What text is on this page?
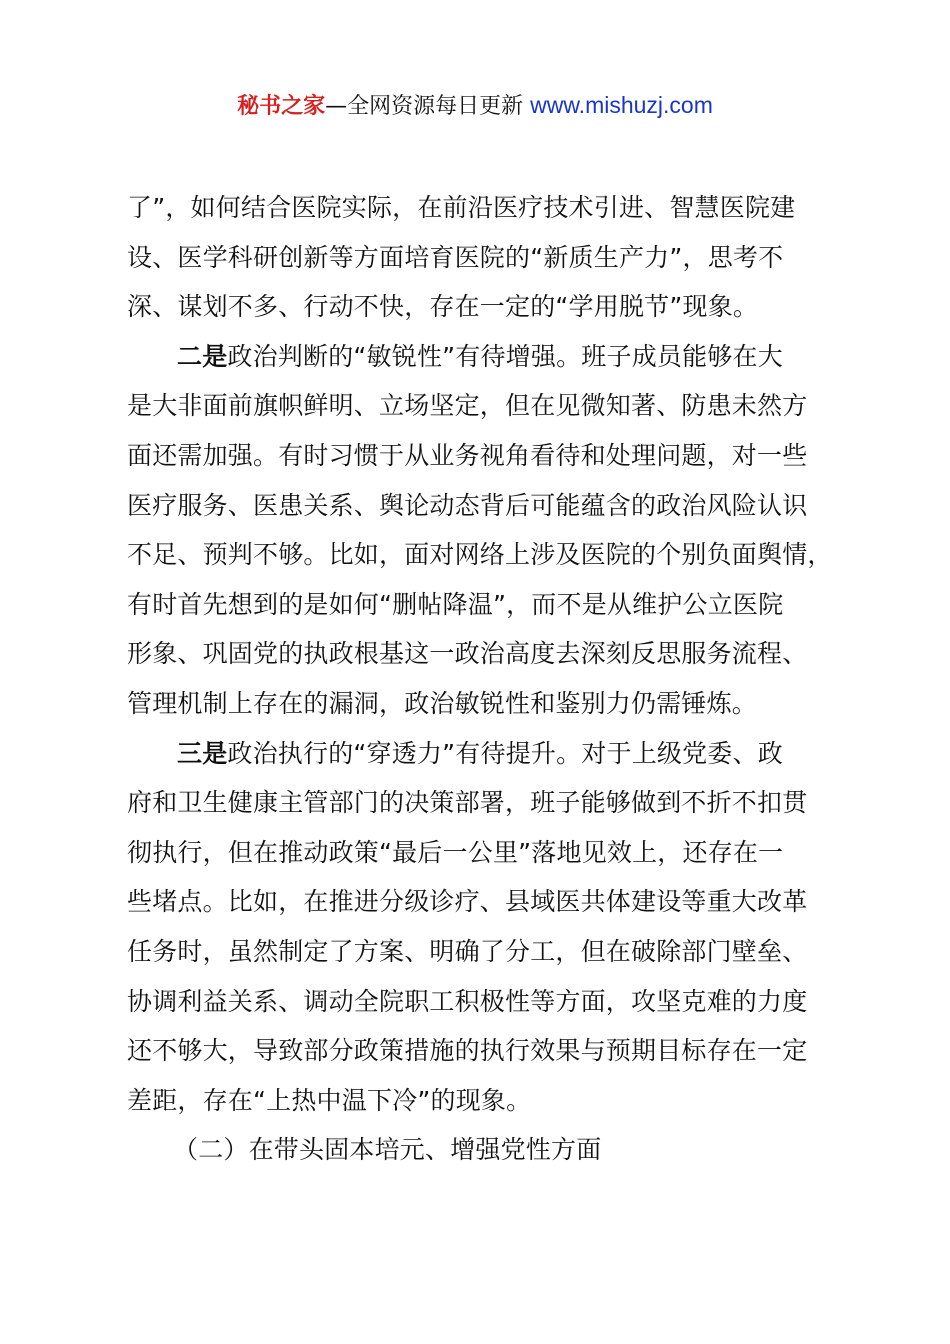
秘书之家—全网资源每日更新 www.mishuzj.com

了”，如何结合医院实际，在前沿医疗技术引进、智慧医院建
设、医学科研创新等方面培育医院的“新质生产力”，思考不
深、谋划不多、行动不快，存在一定的“学用脱节”现象。

二是政治判断的“敏锐性”有待增强。班子成员能够在大
是大非面前旗帜鲜明、立场坚定，但在见微知著、防患未然方
面还需加强。有时习惯于从业务视角看待和处理问题，对一些
医疗服务、医患关系、舆论动态背后可能蕴含的政治风险认识
不足、预判不够。比如，面对网络上涉及医院的个别负面舆情，
有时首先想到的是如何“删帖降温”，而不是从维护公立医院
形象、巩固党的执政根基这一政治高度去深刻反思服务流程、
管理机制上存在的漏洞，政治敏锐性和鉴别力仍需锤炼。

三是政治执行的“穿透力”有待提升。对于上级党委、政
府和卫生健康主管部门的决策部署，班子能够做到不折不扣贯
彻执行，但在推动政策“最后一公里”落地见效上，还存在一
些堵点。比如，在推进分级诊疗、县域医共体建设等重大改革
任务时，虽然制定了方案、明确了分工，但在破除部门壁垒、
协调利益关系、调动全院职工积极性等方面，攻坚克难的力度
还不够大，导致部分政策措施的执行效果与预期目标存在一定
差距，存在“上热中温下冷”的现象。

（二）在带头固本培元、增强党性方面
